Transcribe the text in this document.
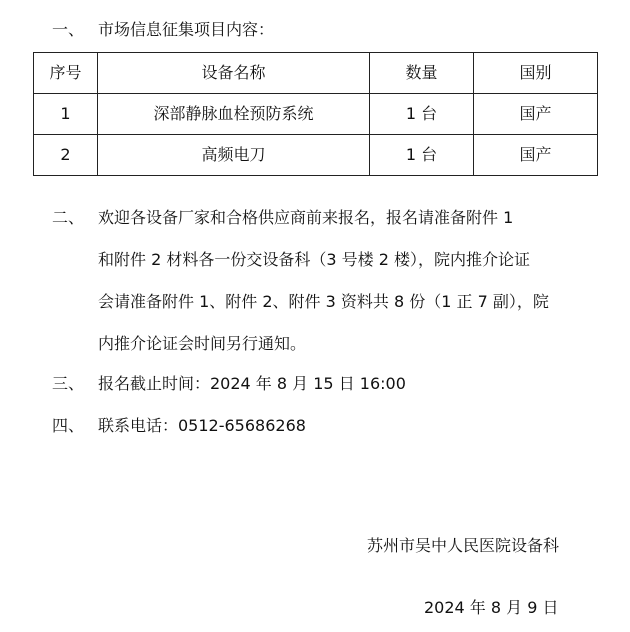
一、 市场信息征集项目内容：
序号	设备名称	数量	国别
1	深部静脉血栓预防系统	1 台	国产
2	高频电刀	1 台	国产
二、 欢迎各设备厂家和合格供应商前来报名，报名请准备附件 1
和附件 2 材料各一份交设备科（3 号楼 2 楼），院内推介论证
会请准备附件 1、附件 2、附件 3 资料共 8 份（1 正 7 副），院
内推介论证会时间另行通知。
三、 报名截止时间：2024 年 8 月 15 日 16:00
四、 联系电话：0512-65686268
苏州市吴中人民医院设备科
2024 年 8 月 9 日
